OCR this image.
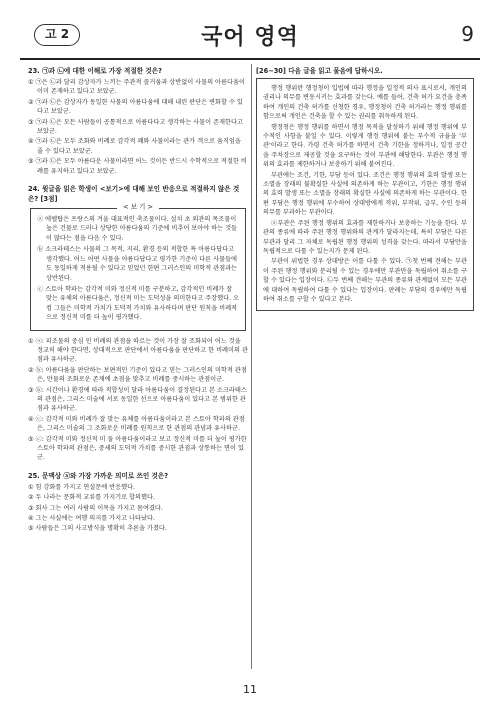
고 2	국어 영역	9
23. ㉠과 ㉡에 대한 이해로 가장 적절한 것은?
① ㉠은 ㉡과 달리 감상자가 느끼는 주관적 즐거움과 상반없이 사물의 아름다움이 이미 존재하고 있다고 보았군.
② ㉠과 ㉡은 감상자가 동일한 사물의 아름다움에 대해 내린 판단은 변화할 수 있다고 보았군.
③ ㉠과 ㉡은 모든 사람들이 공통적으로 아름다다고 생각하는 사물이 존재한다고 보았군.
④ ㉠과 ㉡은 모두 조화와 비례로 감각적 쾌와 사물이라는 관가 객으로 움직임을 줄 수 있다고 보았군.
⑤ ㉠과 ㉡은 모두 아름다운 사물이라면 어느 것이든 반드시 수학적으로 적절한 비례를 유지하고 있다고 보았군.
24. 윗글을 읽은 학생이 <보기>에 대해 보인 반응으로 적절하지 않은 것은? [3점]
< 보 기 >
ⓐ 에펠탑은 프랑스의 겨울 대표적인 축조물이다. 설치 초 외관의 목조물이 높은 건물로 드러나 상당한 아름다움의 기준에 비추어 보아야 하는 것들이 많다는 점을 다음 수 있다.
ⓑ 소크라테스는 사물의 그 목적, 지리, 환경 등의 적합한 특 아름다답다고 생각했다. 어느 어떤 사물을 아름다답다고 평가한 기준이 다른 사물들에도 동일하게 적용될 수 있다고 믿었던 한편 그러스인의 미학적 관점과는 상반된다.
ⓒ 스토아 학파는 감각적 미와 정신적 미를 구분하고, 감각적인 비례가 잘 맞는 유체의 아름다움은, 정신적 미는 도덕성을 의미한다고 주장했다. 오컴 그들은 미학적 가치가 도덕적 가치와 유사하다며 판단 원칙을 비례적으로 정신적 미를 더 높이 평가했다.
① ⓐ: 피조물의 중심 인 비례의 관점을 따르는 것이 가장 잘 조화되어 어느 것을 정교히 해야 한다면, 상대적으로 판단에서 아름다움을 판단하고 한 비례미의 관점과 유사하군.
② ⓑ: 아름다움을 판단하는 보편적인 기준이 있다고 믿는 그러스인의 미학적 관점은, 만물의 조화로운 존재에 초점을 맞추고 비례를 중시하는 관점이군.
③ ⓑ: 시간이나 환경에 따라 적합성이 달라 아름다움이 결정된다고 본 소크라테스의 관점은, 그리스 미술에 서로 동일한 선으로 아름다움이 있다고 본 범위한 관점과 유사하군.
④ ⓒ: 감각적 미와 비례가 잘 맞는 유체를 아름다움이라고 본 스토아 학파의 관점은, 그리스 미술의 그 조화로운 비례를 원칙으로 한 관점의 관념과 유사하군.
⑤ ⓒ: 감각적 미와 정신적 미 둘 아름다움이라고 보고 정신적 미를 더 높이 평가한 스토아 학파의 관점은, 중세의 도덕적 가치를 중시한 관점과 상통하는 면이 있군.
25. 문맥상 ⓐ와 가장 가까운 의미로 쓰인 것은?
① 힘 강화를 가지고 연설문에 반응했다.
② 두 나라는 문화적 교류를 가지기로 합의했다.
③ 회사 그는 여러 사람의 이목을 가지고 몸여겼다.
④ 그는 사실에는 여행 의지를 가지고 나타났다.
⑤ 사람들은 그의 사고방식을 명확히 추론을 가졌다.
[26~30] 다음 글을 읽고 물음에 답하시오.

행정 행위란 행정청이 입법에 따라 행정을 일정적 의사 표시로서, 개인의 권리나 의무를 변동시키는 효과를 갖는다. 예를 들어, 건축 허가 요건을 충족하여 개인의 건축 허가를 신청한 경우, 행정청이 건축 허가라는 행정 행위를 함으로써 개인은 건축을 할 수 있는 권리를 취득하게 된다.

행정청은 행정 행위를 하면서 행정 목적을 달성하기 위해 행정 행위에 부수적인 사항을 붙일 수 있다. 이렇게 행정 행위에 붙는 부수적 규율을 '부관'이라고 한다. 가령 건축 허가를 하면서 건축 기한을 정하거나, 일정 공간을 주차장으로 제공할 것을 요구하는 것이 부관에 해당한다. 부관은 행정 행위의 효과를 제한하거나 보충하기 위해 붙여진다.

부관에는 조건, 기한, 부담 등이 있다. 조건은 행정 행위의 효력 발생 또는 소멸을 장래의 불확실한 사실에 의존하게 하는 부관이고, 기한은 행정 행위의 효력 발생 또는 소멸을 장래의 확실한 사실에 의존하게 하는 부관이다. 한편 부담은 행정 행위에 부수하여 상대방에게 작위, 부작위, 급부, 수인 등의 의무를 부과하는 부관이다.

ⓐ부관은 주된 행정 행위의 효과를 제한하거나 보충하는 기능을 한다. 부관의 종류에 따라 주된 행정 행위와의 관계가 달라지는데, 특히 부담은 다른 부관과 달리 그 자체로 독립된 행정 행위의 성격을 갖는다. 따라서 부담만을 독립적으로 다툴 수 있는지가 문제 된다.

부관이 위법한 경우 상대방은 이를 다툴 수 있다. ㉠첫 번째 견해는 부관이 주된 행정 행위와 분리될 수 있는 경우에만 부관만을 독립하여 취소를 구할 수 있다는 입장이다. ㉡두 번째 견해는 부관의 종류와 관계없이 모든 부관에 대하여 독립하여 다툴 수 있다는 입장이다. 판례는 부담의 경우에만 독립하여 취소를 구할 수 있다고 본다.

11
